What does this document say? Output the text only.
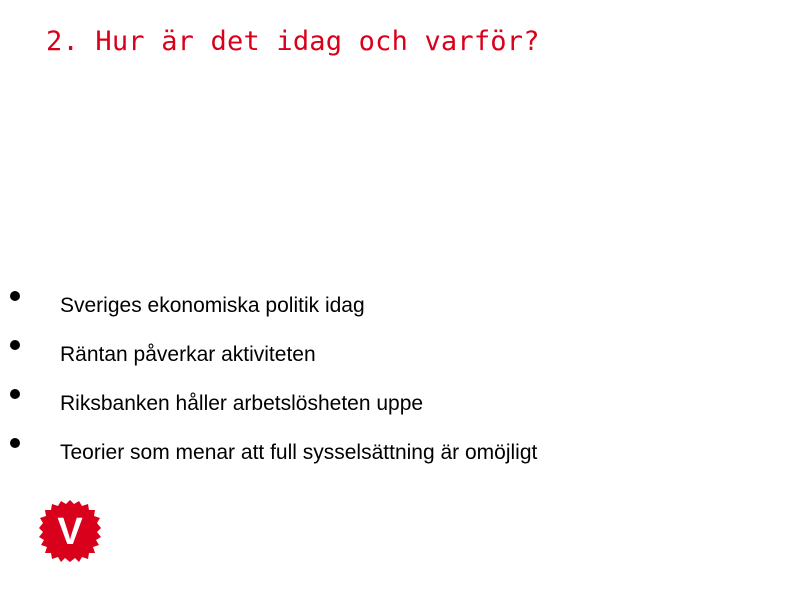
2. Hur är det idag och varför?
Sveriges ekonomiska politik idag
Räntan påverkar aktiviteten
Riksbanken håller arbetslösheten uppe
Teorier som menar att full sysselsättning är omöjligt
V
